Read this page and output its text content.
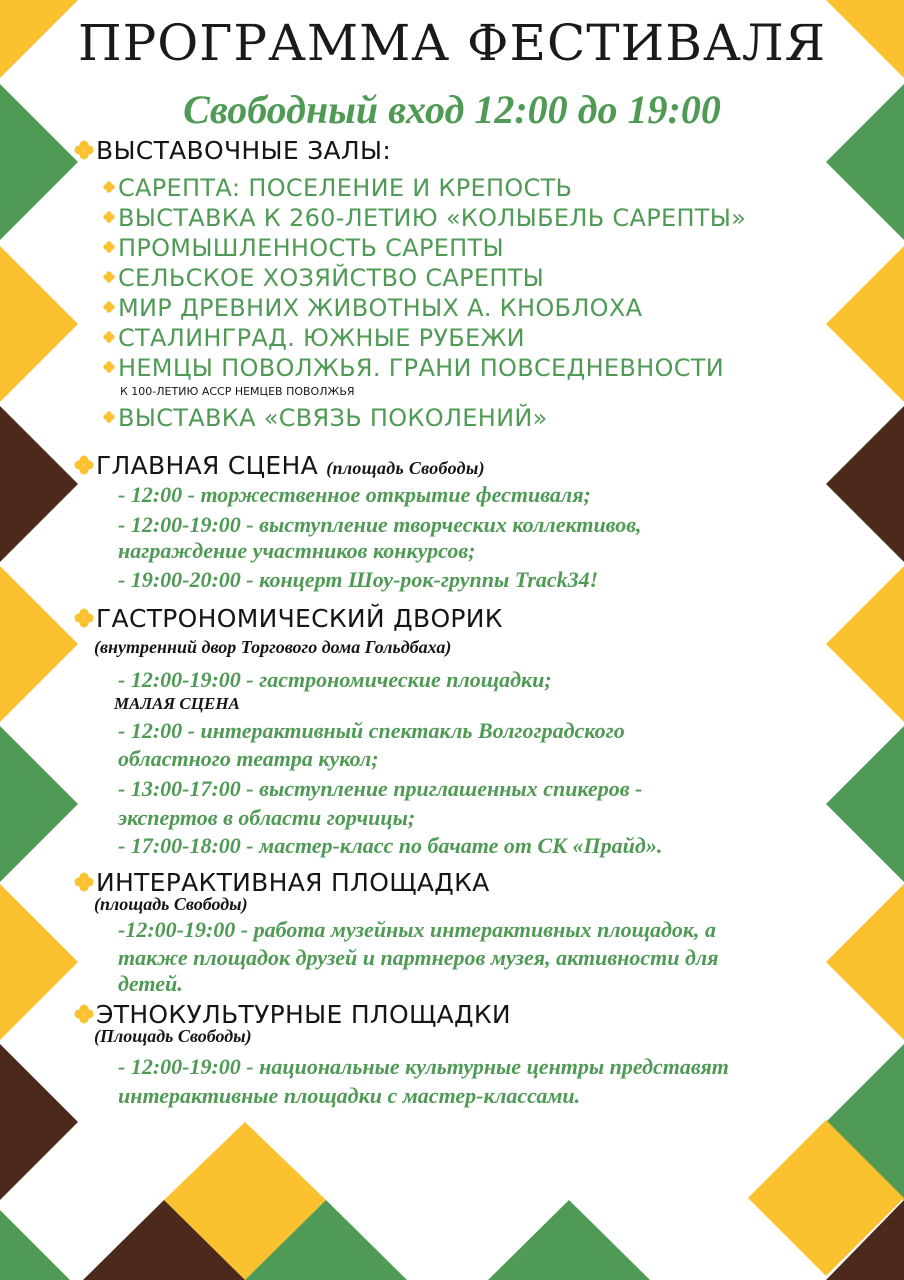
ПРОГРАММА ФЕСТИВАЛЯ
Свободный вход 12:00 до 19:00
ВЫСТАВОЧНЫЕ ЗАЛЫ:
САРЕПТА: ПОСЕЛЕНИЕ И КРЕПОСТЬ
ВЫСТАВКА К 260-ЛЕТИЮ «КОЛЫБЕЛЬ САРЕПТЫ»
ПРОМЫШЛЕННОСТЬ САРЕПТЫ
СЕЛЬСКОЕ ХОЗЯЙСТВО САРЕПТЫ
МИР ДРЕВНИХ ЖИВОТНЫХ А. КНОБЛОХА
СТАЛИНГРАД. ЮЖНЫЕ РУБЕЖИ
НЕМЦЫ ПОВОЛЖЬЯ. ГРАНИ ПОВСЕДНЕВНОСТИ
К 100-ЛЕТИЮ АССР НЕМЦЕВ ПОВОЛЖЬЯ
ВЫСТАВКА «СВЯЗЬ ПОКОЛЕНИЙ»
ГЛАВНАЯ СЦЕНА (площадь Свободы)
- 12:00 - торжественное открытие фестиваля;
- 12:00-19:00 - выступление творческих коллективов,
награждение участников конкурсов;
- 19:00-20:00 - концерт Шоу-рок-группы Track34!
ГАСТРОНОМИЧЕСКИЙ ДВОРИК
(внутренний двор Торгового дома Гольдбаха)
- 12:00-19:00 - гастрономические площадки;
МАЛАЯ СЦЕНА
- 12:00 - интерактивный спектакль Волгоградского
областного театра кукол;
- 13:00-17:00 - выступление приглашенных спикеров -
экспертов в области горчицы;
- 17:00-18:00 - мастер-класс по бачате от СК «Прайд».
ИНТЕРАКТИВНАЯ ПЛОЩАДКА
(площадь Свободы)
-12:00-19:00 - работа музейных интерактивных площадок, а
также площадок друзей и партнеров музея, активности для
детей.
ЭТНОКУЛЬТУРНЫЕ ПЛОЩАДКИ
(Площадь Свободы)
- 12:00-19:00 - национальные культурные центры представят
интерактивные площадки с мастер-классами.
